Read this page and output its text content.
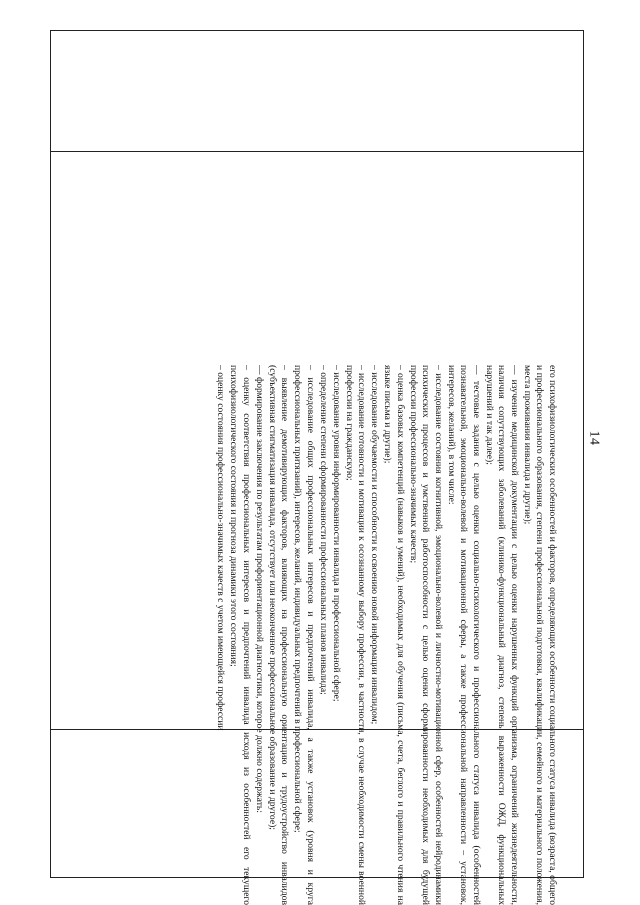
14

его психофизиологических особенностей и факторов, определяющих особенности социального статуса инвалида (возраста, общего и профессионального образования, степени профессиональной подготовки, квалификации, семейного и материального положения, места проживания инвалида и другие);

— изучение медицинской документации с целью оценки нарушенных функций организма, ограничений жизнедеятельности, наличия сопутствующих заболеваний (клинико-функциональный диагноз, степень выраженности ОЖД, функциональных нарушений и так далее);

— тестовые задания с целью оценки социально-психологического и профессионального статуса инвалида (особенностей познавательной, эмоционально-волевой и мотивационной сферы, а также профессиональной направленности – установок, интересов, желаний), в том числе:

– исследование состояния когнитивной, эмоционально-волевой и личностно-мотивационной сфер, особенностей нейродинамики психических процессов и умственной работоспособности с целью оценки сформированности необходимых для будущей профессии профессионально-значимых качеств;

– оценка базовых компетенций (навыков и умений), необходимых для обучения (письма, счета, беглого и правильного чтения на языке письма и другие);

– исследование обучаемости и способности к освоению новой информации инвалидом;

– исследование готовности и мотивации к осознанному выбору профессии, в частности, в случае необходимости смены военной профессии на гражданскую;

– исследование уровня информированности инвалида в профессиональной сфере;

– определение степени сформированности профессиональных планов инвалида;

– исследование общих профессиональных интересов и предпочтений инвалида, а также установок (уровня и круга профессиональных притязаний), интересов, желаний, индивидуальных предпочтений в профессиональной сфере;

– выявление демотивирующих факторов, влияющих на профессиональную ориентацию и трудоустройство инвалидов (субъективная стигматизация инвалида, отсутствует или неоконченное профессиональное образование и другое);

— формирование заключения по результатам профориентационной диагностики, которое должно содержать:

– оценку соответствия профессиональных интересов и предпочтений инвалида исходя из особенностей его текущего психофизиологического состояния и прогноза динамики этого состояния;

– оценку состояния профессионально-значимых качеств с учетом имеющейся профессии
